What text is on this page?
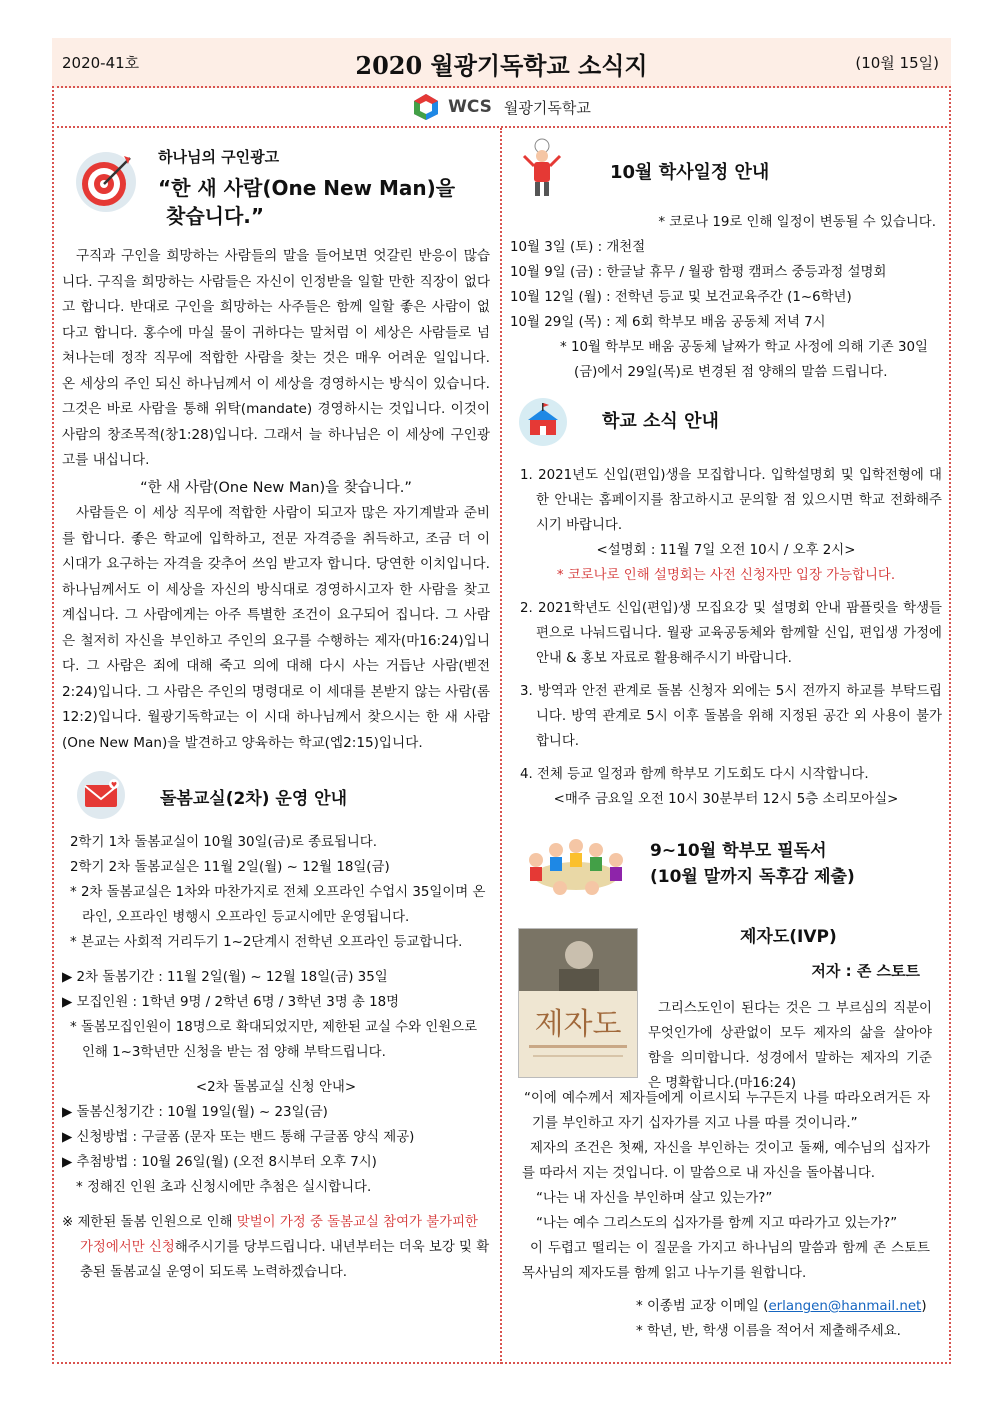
2020-41호	2020 월광기독학교 소식지	(10월 15일)
WCS 월광기독학교
하나님의 구인광고
“한 새 사람(One New Man)을
찾습니다.”

구직과 구인을 희망하는 사람들의 말을 들어보면 엇갈린 반응이 많습니다. 구직을 희망하는 사람들은 자신이 인정받을 일할 만한 직장이 없다고 합니다. 반대로 구인을 희망하는 사주들은 함께 일할 좋은 사람이 없다고 합니다. 홍수에 마실 물이 귀하다는 말처럼 이 세상은 사람들로 넘쳐나는데 정작 직무에 적합한 사람을 찾는 것은 매우 어려운 일입니다. 온 세상의 주인 되신 하나님께서 이 세상을 경영하시는 방식이 있습니다. 그것은 바로 사람을 통해 위탁(mandate) 경영하시는 것입니다. 이것이 사람의 창조목적(창1:28)입니다. 그래서 늘 하나님은 이 세상에 구인광고를 내십니다.

“한 새 사람(One New Man)을 찾습니다.”

사람들은 이 세상 직무에 적합한 사람이 되고자 많은 자기계발과 준비를 합니다. 좋은 학교에 입학하고, 전문 자격증을 취득하고, 조금 더 이 시대가 요구하는 자격을 갖추어 쓰임 받고자 합니다. 당연한 이치입니다. 하나님께서도 이 세상을 자신의 방식대로 경영하시고자 한 사람을 찾고 계십니다. 그 사람에게는 아주 특별한 조건이 요구되어 집니다. 그 사람은 철저히 자신을 부인하고 주인의 요구를 수행하는 제자(마16:24)입니다. 그 사람은 죄에 대해 죽고 의에 대해 다시 사는 거듭난 사람(벧전2:24)입니다. 그 사람은 주인의 명령대로 이 세대를 본받지 않는 사람(롬12:2)입니다. 월광기독학교는 이 시대 하나님께서 찾으시는 한 새 사람(One New Man)을 발견하고 양육하는 학교(엡2:15)입니다.

♥
돌봄교실(2차) 운영 안내
2학기 1차 돌봄교실이 10월 30일(금)로 종료됩니다.
2학기 2차 돌봄교실은 11월 2일(월) ~ 12월 18일(금)
* 2차 돌봄교실은 1차와 마찬가지로 전체 오프라인 수업시 35일이며 온라인, 오프라인 병행시 오프라인 등교시에만 운영됩니다.
* 본교는 사회적 거리두기 1~2단계시 전학년 오프라인 등교합니다.
▶ 2차 돌봄기간 : 11월 2일(월) ~ 12월 18일(금) 35일
▶ 모집인원 : 1학년 9명 / 2학년 6명 / 3학년 3명 총 18명
* 돌봄모집인원이 18명으로 확대되었지만, 제한된 교실 수와 인원으로 인해 1~3학년만 신청을 받는 점 양해 부탁드립니다.
<2차 돌봄교실 신청 안내>
▶ 돌봄신청기간 : 10월 19일(월) ~ 23일(금)
▶ 신청방법 : 구글폼 (문자 또는 밴드 통해 구글폼 양식 제공)
▶ 추첨방법 : 10월 26일(월) (오전 8시부터 오후 7시)
* 정해진 인원 초과 신청시에만 추첨은 실시합니다.
※ 제한된 돌봄 인원으로 인해 맞벌이 가정 중 돌봄교실 참여가 불가피한 가정에서만 신청해주시기를 당부드립니다. 내년부터는 더욱 보강 및 확충된 돌봄교실 운영이 되도록 노력하겠습니다.
10월 학사일정 안내
* 코로나 19로 인해 일정이 변동될 수 있습니다.
10월 3일 (토) : 개천절
10월 9일 (금) : 한글날 휴무 / 월광 함평 캠퍼스 중등과정 설명회
10월 12일 (월) : 전학년 등교 및 보건교육주간 (1~6학년)
10월 29일 (목) : 제 6회 학부모 배움 공동체 저녁 7시
* 10월 학부모 배움 공동체 날짜가 학교 사정에 의해 기존 30일(금)에서 29일(목)로 변경된 점 양해의 말씀 드립니다.
학교 소식 안내
1. 2021년도 신입(편입)생을 모집합니다. 입학설명회 및 입학전형에 대한 안내는 홈페이지를 참고하시고 문의할 점 있으시면 학교 전화해주시기 바랍니다.
<설명회 : 11월 7일 오전 10시 / 오후 2시>
* 코로나로 인해 설명회는 사전 신청자만 입장 가능합니다.
2. 2021학년도 신입(편입)생 모집요강 및 설명회 안내 팜플릿을 학생들 편으로 나눠드립니다. 월광 교육공동체와 함께할 신입, 편입생 가정에 안내 & 홍보 자료로 활용해주시기 바랍니다.
3. 방역과 안전 관계로 돌봄 신청자 외에는 5시 전까지 하교를 부탁드립니다. 방역 관계로 5시 이후 돌봄을 위해 지정된 공간 외 사용이 불가합니다.
4. 전체 등교 일정과 함께 학부모 기도회도 다시 시작합니다.
<매주 금요일 오전 10시 30분부터 12시 5층 소리모아실>
9~10월 학부모 필독서
(10월 말까지 독후감 제출)
제자도(IVP)
저자 : 존 스토트
제자도	그리스도인이 된다는 것은 그 부르심의 직분이 무엇인가에 상관없이 모두 제자의 삶을 살아야 함을 의미합니다. 성경에서 말하는 제자의 기준은 명확합니다.(마16:24)
“이에 예수께서 제자들에게 이르시되 누구든지 나를 따라오려거든 자기를 부인하고 자기 십자가를 지고 나를 따를 것이니라.”
제자의 조건은 첫째, 자신을 부인하는 것이고 둘째, 예수님의 십자가를 따라서 지는 것입니다. 이 말씀으로 내 자신을 돌아봅니다.
“나는 내 자신을 부인하며 살고 있는가?”
“나는 예수 그리스도의 십자가를 함께 지고 따라가고 있는가?”
이 두렵고 떨리는 이 질문을 가지고 하나님의 말씀과 함께 존 스토트 목사님의 제자도를 함께 읽고 나누기를 원합니다.
* 이종범 교장 이메일 (erlangen@hanmail.net)
* 학년, 반, 학생 이름을 적어서 제출해주세요.
